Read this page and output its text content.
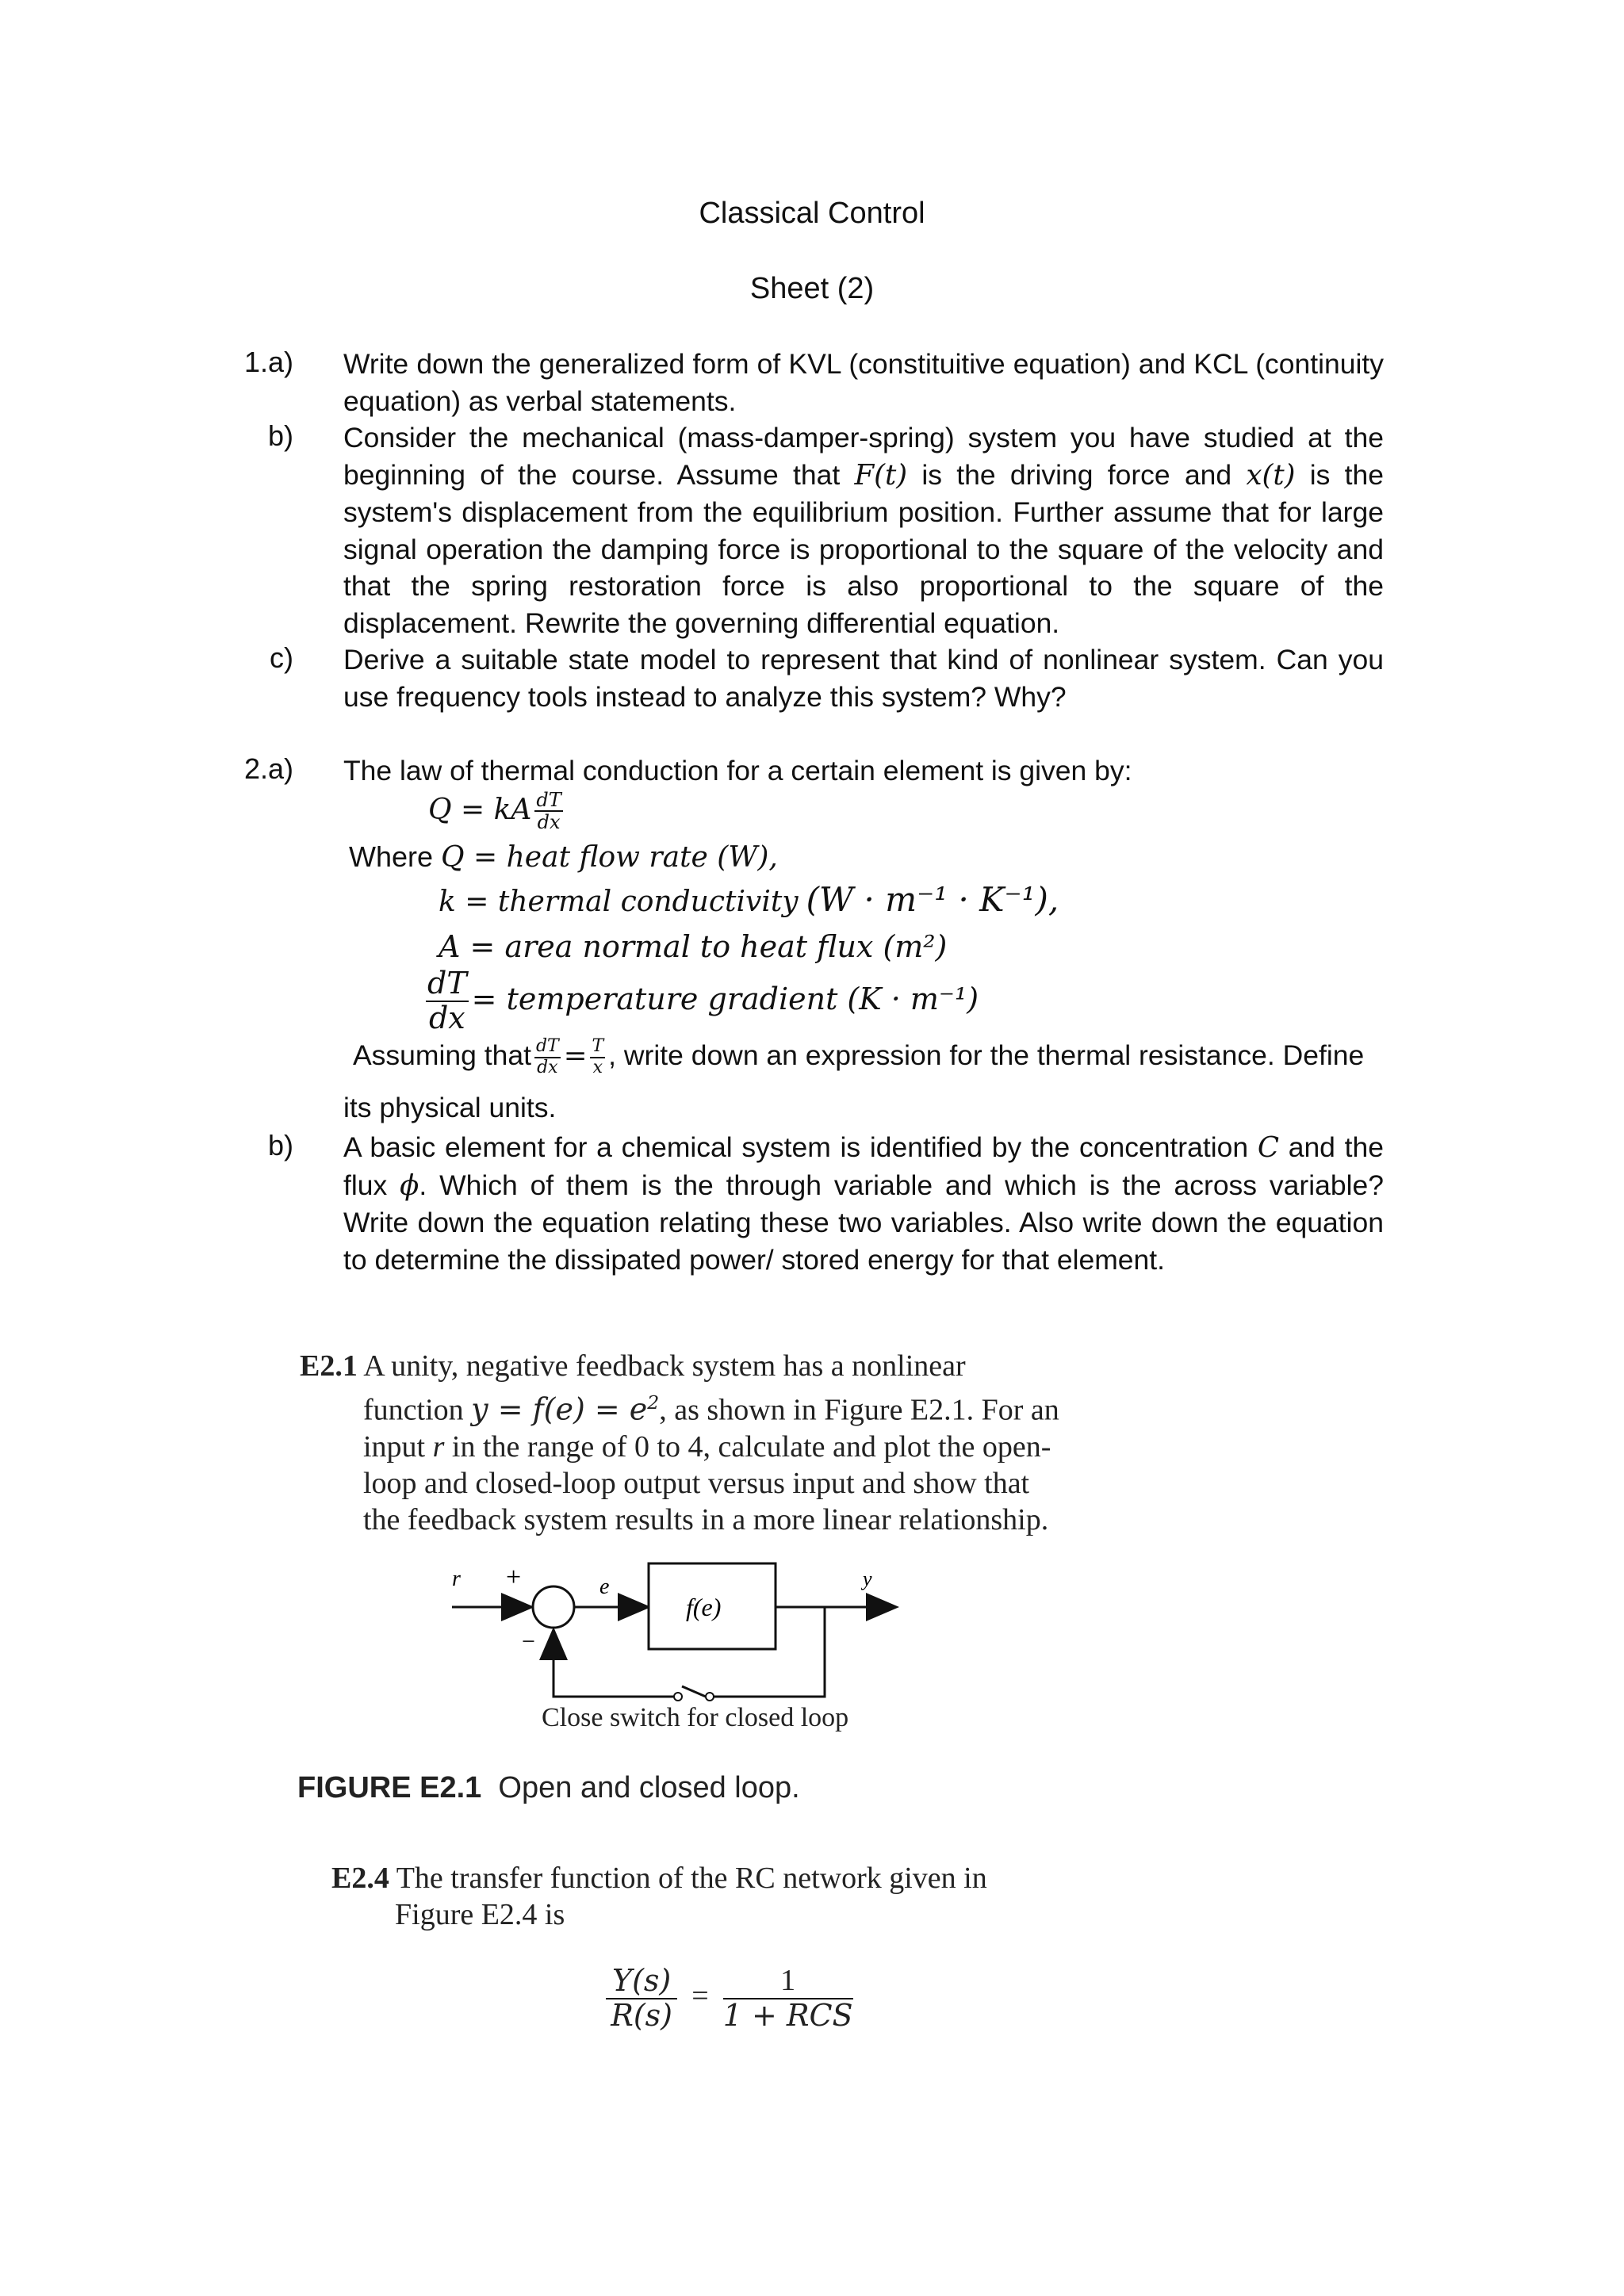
Classical Control
Sheet (2)
1.a) Write down the generalized form of KVL (constituitive equation) and KCL (continuity equation) as verbal statements.
b) Consider the mechanical (mass-damper-spring) system you have studied at the beginning of the course. Assume that F(t) is the driving force and x(t) is the system's displacement from the equilibrium position. Further assume that for large signal operation the damping force is proportional to the square of the velocity and that the spring restoration force is also proportional to the square of the displacement. Rewrite the governing differential equation.
c) Derive a suitable state model to represent that kind of nonlinear system. Can you use frequency tools instead to analyze this system? Why?
2.a) The law of thermal conduction for a certain element is given by:
Q = kA $\frac{dT}{dx}$
Where Q = heat flow rate (W),
k = thermal conductivity (W · m⁻¹ · K⁻¹),
A = area normal to heat flux (m²)
$\frac{dT}{dx}$ = temperature gradient (K · m⁻¹)
Assuming that $\frac{dT}{dx} = \frac{T}{x}$ , write down an expression for the thermal resistance. Define
its physical units.
b) A basic element for a chemical system is identified by the concentration C and the flux ϕ. Which of them is the through variable and which is the across variable? Write down the equation relating these two variables. Also write down the equation to determine the dissipated power/ stored energy for that element.
E2.1 A unity, negative feedback system has a nonlinear
function $y = f(e) = e^2$, as shown in Figure E2.1. For an
input r in the range of 0 to 4, calculate and plot the open-
loop and closed-loop output versus input and show that
the feedback system results in a more linear relationship.
r +
−
e
f(e)
y
Close switch for closed loop
FIGURE E2.1 Open and closed loop.
E2.4 The transfer function of the RC network given in
Figure E2.4 is
$\frac{Y(s)}{R(s)} = \frac{1}{\text{1 + RCS}}$
